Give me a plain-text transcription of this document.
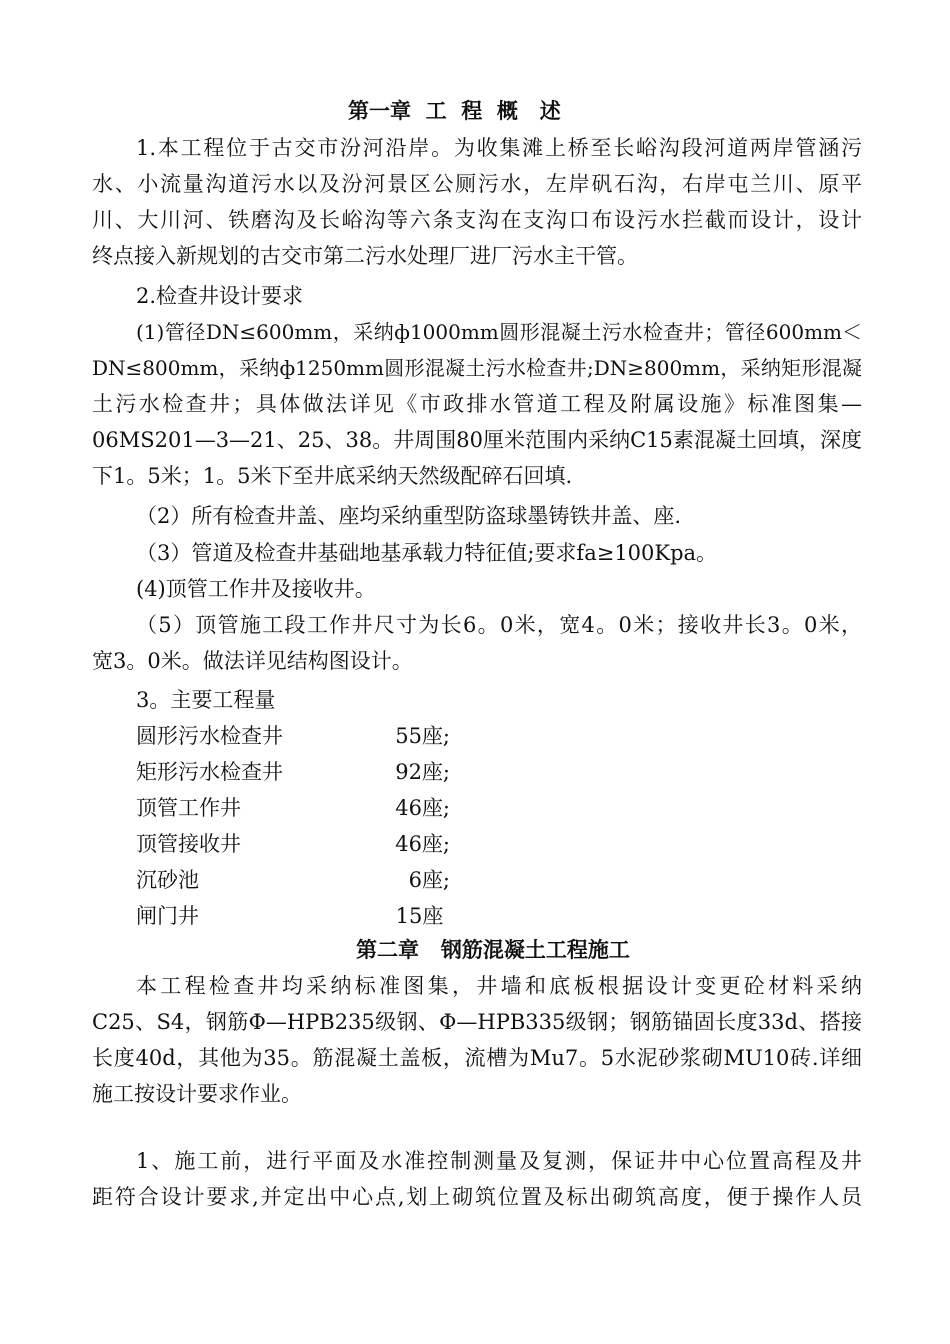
第一章  工  程  概   述
1.本工程位于古交市汾河沿岸。为收集滩上桥至长峪沟段河道两岸管涵污
水、小流量沟道污水以及汾河景区公厕污水，左岸矾石沟，右岸屯兰川、原平
川、大川河、铁磨沟及长峪沟等六条支沟在支沟口布设污水拦截而设计，设计
终点接入新规划的古交市第二污水处理厂进厂污水主干管。
2.检查井设计要求
(1)管径DN≤600mm，采纳ф1000mm圆形混凝土污水检查井；管径600mm＜
DN≤800mm，采纳ф1250mm圆形混凝土污水检查井;DN≥800mm，采纳矩形混凝
土污水检查井；具体做法详见《市政排水管道工程及附属设施》标准图集—
06MS201—3—21、25、38。井周围80厘米范围内采纳C15素混凝土回填，深度
下1。5米；1。5米下至井底采纳天然级配碎石回填.
（2）所有检查井盖、座均采纳重型防盗球墨铸铁井盖、座.
（3）管道及检查井基础地基承载力特征值;要求fa≥100Kpa。
(4)顶管工作井及接收井。
（5）顶管施工段工作井尺寸为长6。0米，宽4。0米；接收井长3。0米，
宽3。0米。做法详见结构图设计。
3。主要工程量
圆形污水检查井	55座;
矩形污水检查井	92座;
顶管工作井	46座;
顶管接收井	46座;
沉砂池	6座;
闸门井	15座
第二章   钢筋混凝土工程施工
本工程检查井均采纳标准图集，井墙和底板根据设计变更砼材料采纳
C25、S4，钢筋Φ—HPB235级钢、Φ—HPB335级钢；钢筋锚固长度33d、搭接
长度40d，其他为35。筋混凝土盖板，流槽为Mu7。5水泥砂浆砌MU10砖.详细
施工按设计要求作业。
1、施工前，进行平面及水准控制测量及复测，保证井中心位置高程及井
距符合设计要求,并定出中心点,划上砌筑位置及标出砌筑高度，便于操作人员
